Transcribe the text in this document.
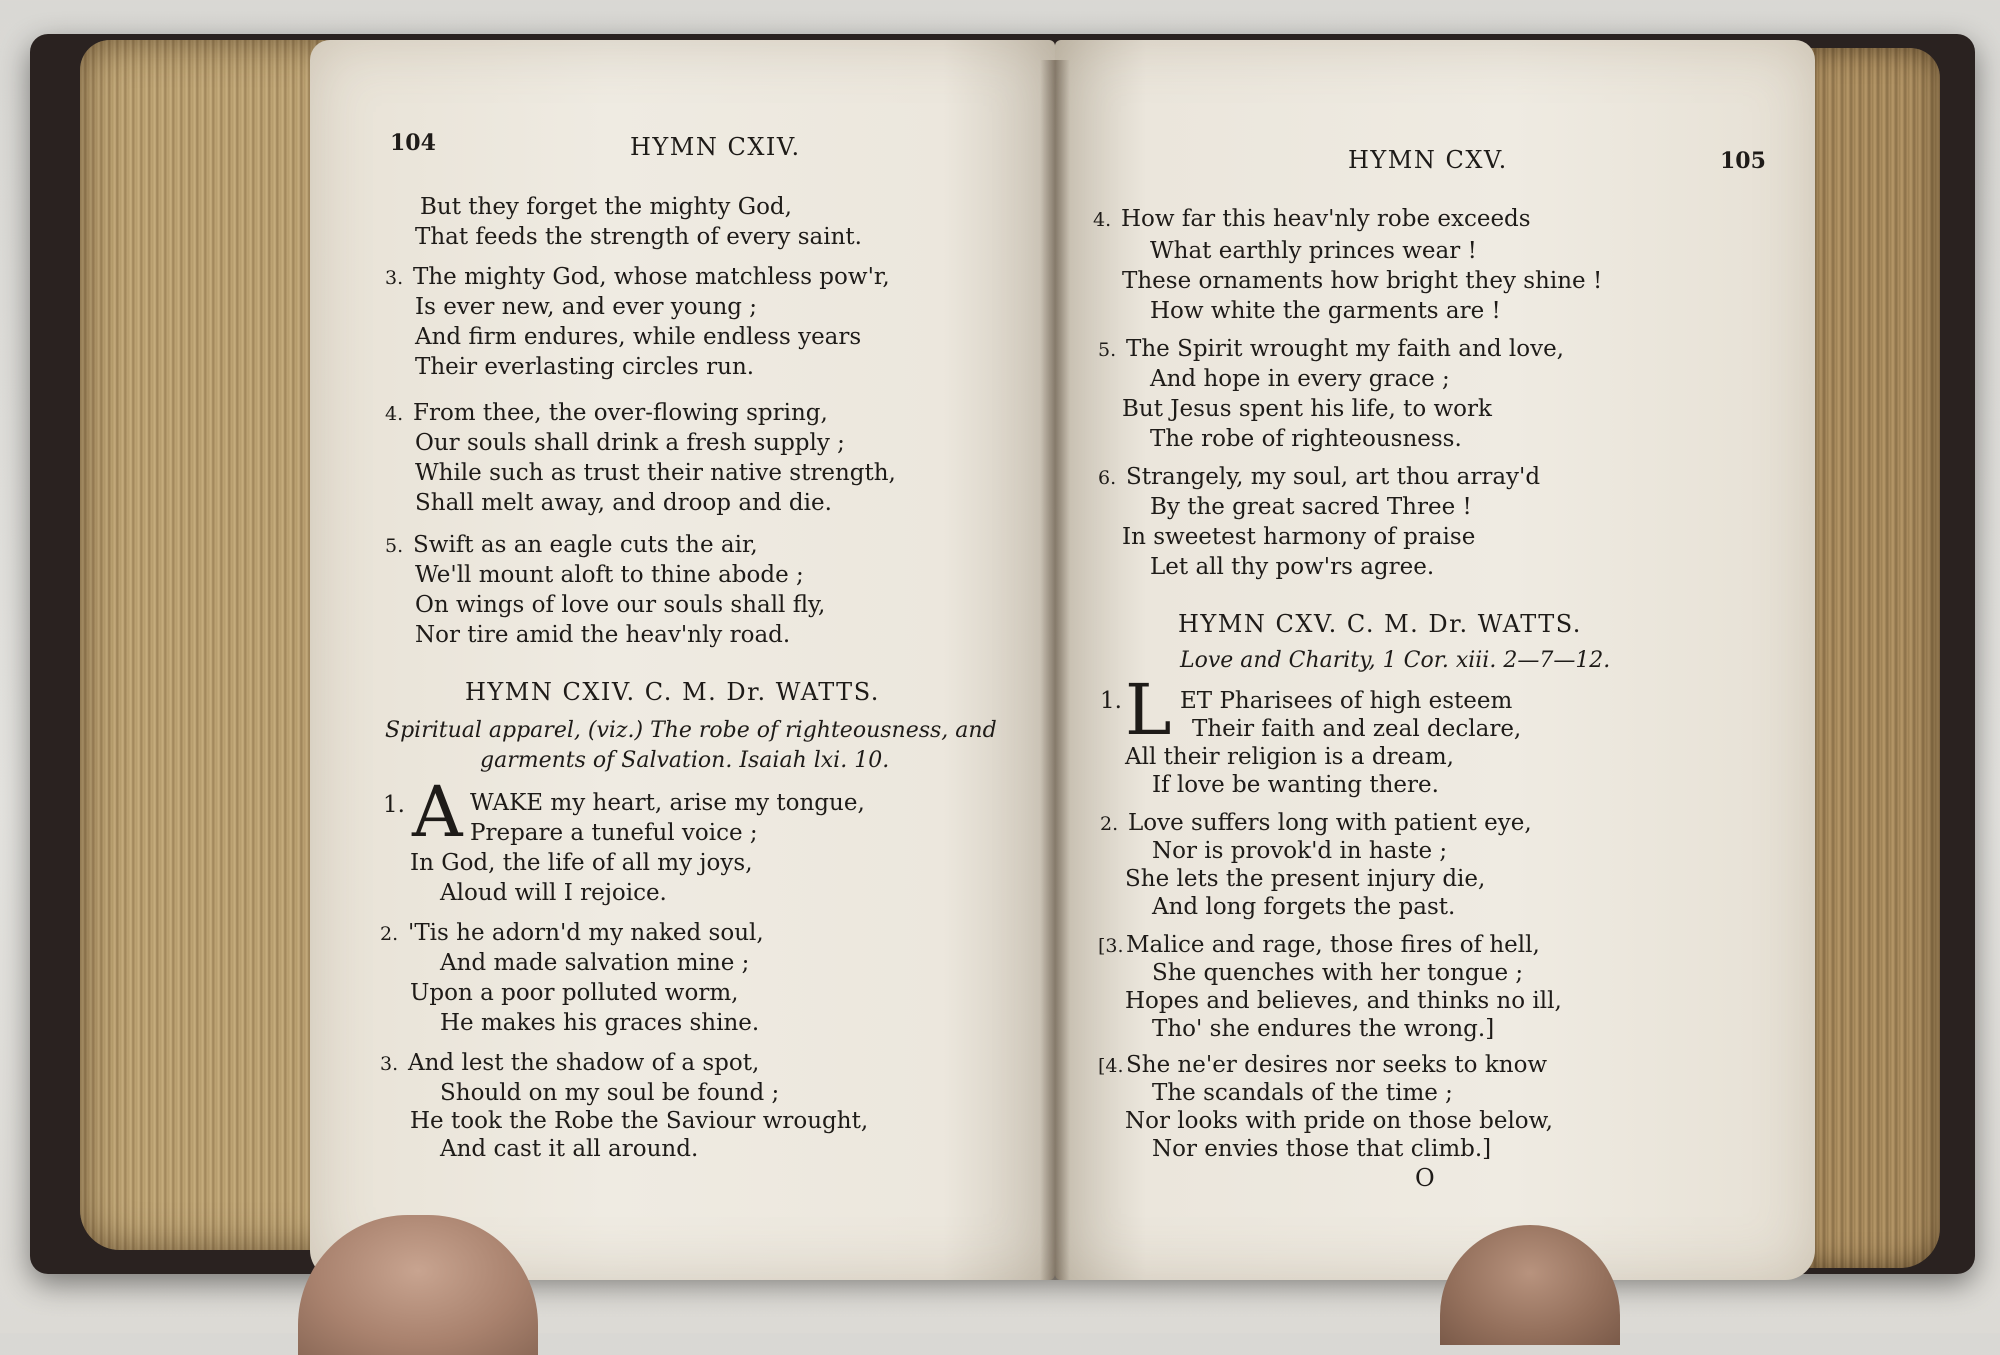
104	HYMN CXIV.
But they forget the mighty God,
That feeds the strength of every saint.
3. The mighty God, whose matchless pow'r,
Is ever new, and ever young ;
And firm endures, while endless years
Their everlasting circles run.
4. From thee, the over-flowing spring,
Our souls shall drink a fresh supply ;
While such as trust their native strength,
Shall melt away, and droop and die.
5. Swift as an eagle cuts the air,
We'll mount aloft to thine abode ;
On wings of love our souls shall fly,
Nor tire amid the heav'nly road.
HYMN CXIV. C. M. Dr. WATTS.
Spiritual apparel, (viz.) The robe of righteousness, and
garments of Salvation. Isaiah lxi. 10.
1. A WAKE my heart, arise my tongue,
Prepare a tuneful voice ;
In God, the life of all my joys,
Aloud will I rejoice.
2. 'Tis he adorn'd my naked soul,
And made salvation mine ;
Upon a poor polluted worm,
He makes his graces shine.
3. And lest the shadow of a spot,
Should on my soul be found ;
He took the Robe the Saviour wrought,
And cast it all around.
HYMN CXV.	105
4. How far this heav'nly robe exceeds
What earthly princes wear !
These ornaments how bright they shine !
How white the garments are !
5. The Spirit wrought my faith and love,
And hope in every grace ;
But Jesus spent his life, to work
The robe of righteousness.
6. Strangely, my soul, art thou array'd
By the great sacred Three !
In sweetest harmony of praise
Let all thy pow'rs agree.
HYMN CXV. C. M. Dr. WATTS.
Love and Charity, 1 Cor. xiii. 2—7—12.
1. L ET Pharisees of high esteem
Their faith and zeal declare,
All their religion is a dream,
If love be wanting there.
2. Love suffers long with patient eye,
Nor is provok'd in haste ;
She lets the present injury die,
And long forgets the past.
[3. Malice and rage, those fires of hell,
She quenches with her tongue ;
Hopes and believes, and thinks no ill,
Tho' she endures the wrong.]
[4. She ne'er desires nor seeks to know
The scandals of the time ;
Nor looks with pride on those below,
Nor envies those that climb.]
O
